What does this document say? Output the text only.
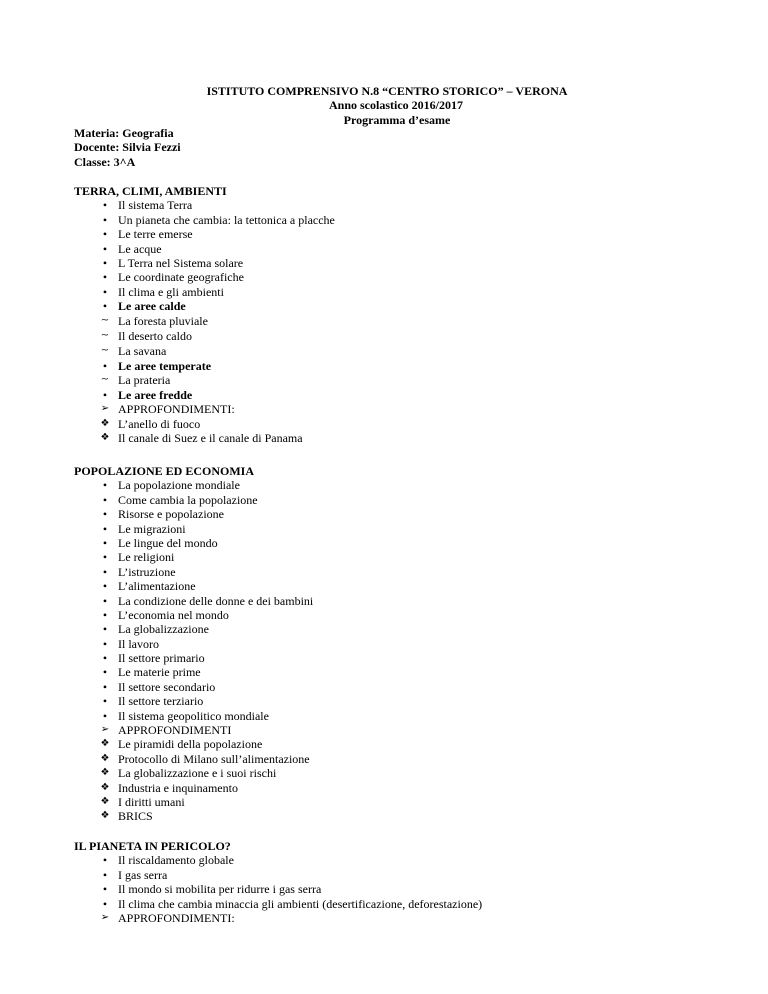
ISTITUTO COMPRENSIVO N.8 “CENTRO STORICO” – VERONA
Anno scolastico 2016/2017
Programma d’esame
Materia: Geografia
Docente: Silvia Fezzi
Classe: 3^A
TERRA, CLIMI, AMBIENTI
• Il sistema Terra
• Un pianeta che cambia: la tettonica a placche
• Le terre emerse
• Le acque
• L Terra nel Sistema solare
• Le coordinate geografiche
• Il clima e gli ambienti
• Le aree calde
~ La foresta pluviale
~ Il deserto caldo
~ La savana
• Le aree temperate
~ La prateria
• Le aree fredde
➢ APPROFONDIMENTI:
❖ L’anello di fuoco
❖ Il canale di Suez e il canale di Panama
POPOLAZIONE ED ECONOMIA
• La popolazione mondiale
• Come cambia la popolazione
• Risorse e popolazione
• Le migrazioni
• Le lingue del mondo
• Le religioni
• L’istruzione
• L’alimentazione
• La condizione delle donne e dei bambini
• L’economia nel mondo
• La globalizzazione
• Il lavoro
• Il settore primario
• Le materie prime
• Il settore secondario
• Il settore terziario
• Il sistema geopolitico mondiale
➢ APPROFONDIMENTI
❖ Le piramidi della popolazione
❖ Protocollo di Milano sull’alimentazione
❖ La globalizzazione e i suoi rischi
❖ Industria e inquinamento
❖ I diritti umani
❖ BRICS
IL PIANETA IN PERICOLO?
• Il riscaldamento globale
• I gas serra
• Il mondo si mobilita per ridurre i gas serra
• Il clima che cambia minaccia gli ambienti (desertificazione, deforestazione)
➢ APPROFONDIMENTI:
